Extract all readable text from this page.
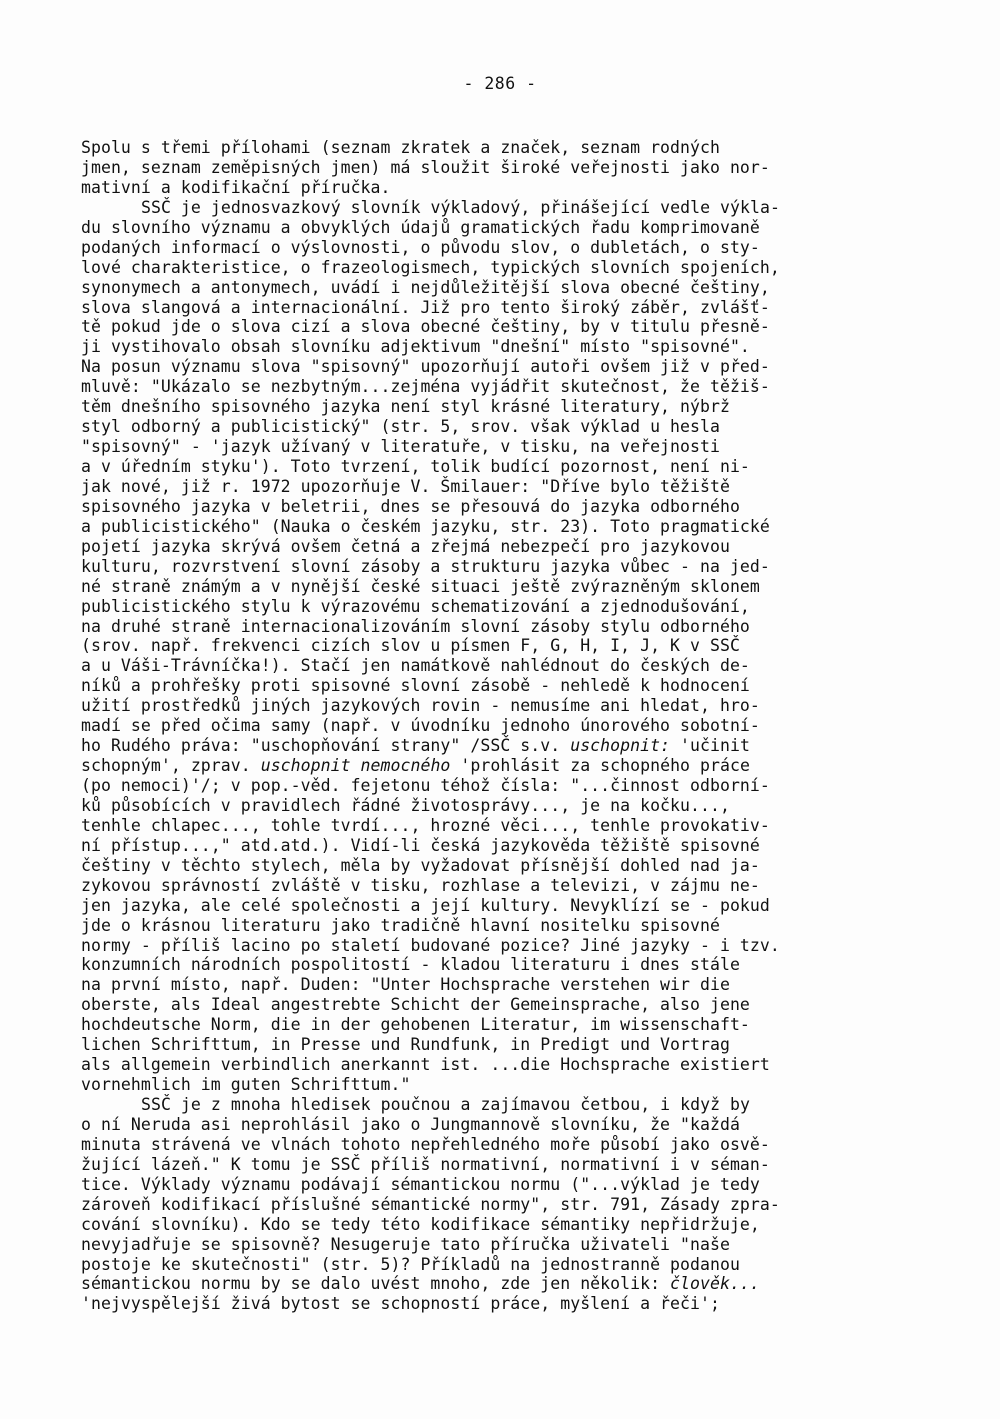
- 286 -
Spolu s třemi přílohami (seznam zkratek a značek, seznam rodných
jmen, seznam zeměpisných jmen) má sloužit široké veřejnosti jako nor-
mativní a kodifikační příručka.
SSČ je jednosvazkový slovník výkladový, přinášející vedle výkla-
du slovního významu a obvyklých údajů gramatických řadu komprimovaně
podaných informací o výslovnosti, o původu slov, o dubletách, o sty-
lové charakteristice, o frazeologismech, typických slovních spojeních,
synonymech a antonymech, uvádí i nejdůležitější slova obecné češtiny,
slova slangová a internacionální. Již pro tento široký záběr, zvlášť-
tě pokud jde o slova cizí a slova obecné češtiny, by v titulu přesně-
ji vystihovalo obsah slovníku adjektivum "dnešní" místo "spisovné".
Na posun významu slova "spisovný" upozorňují autoři ovšem již v před-
mluvě: "Ukázalo se nezbytným...zejména vyjádřit skutečnost, že těžiš-
těm dnešního spisovného jazyka není styl krásné literatury, nýbrž
styl odborný a publicistický" (str. 5, srov. však výklad u hesla
"spisovný" - 'jazyk užívaný v literatuře, v tisku, na veřejnosti
a v úředním styku'). Toto tvrzení, tolik budící pozornost, není ni-
jak nové, již r. 1972 upozorňuje V. Šmilauer: "Dříve bylo těžiště
spisovného jazyka v beletrii, dnes se přesouvá do jazyka odborného
a publicistického" (Nauka o českém jazyku, str. 23). Toto pragmatické
pojetí jazyka skrývá ovšem četná a zřejmá nebezpečí pro jazykovou
kulturu, rozvrstvení slovní zásoby a strukturu jazyka vůbec - na jed-
né straně známým a v nynější české situaci ještě zvýrazněným sklonem
publicistického stylu k výrazovému schematizování a zjednodušování,
na druhé straně internacionalizováním slovní zásoby stylu odborného
(srov. např. frekvenci cizích slov u písmen F, G, H, I, J, K v SSČ
a u Váši-Trávníčka!). Stačí jen namátkově nahlédnout do českých de-
níků a prohřešky proti spisovné slovní zásobě - nehledě k hodnocení
užití prostředků jiných jazykových rovin - nemusíme ani hledat, hro-
madí se před očima samy (např. v úvodníku jednoho únorového sobotní-
ho Rudého práva: "uschopňování strany" /SSČ s.v. uschopnit: 'učinit
schopným', zprav. uschopnit nemocného 'prohlásit za schopného práce
(po nemoci)'/; v pop.-věd. fejetonu téhož čísla: "...činnost odborní-
ků působících v pravidlech řádné životosprávy..., je na kočku...,
tenhle chlapec..., tohle tvrdí..., hrozné věci..., tenhle provokativ-
ní přístup...," atd.atd.). Vidí-li česká jazykověda těžiště spisovné
češtiny v těchto stylech, měla by vyžadovat přísnější dohled nad ja-
zykovou správností zvláště v tisku, rozhlase a televizi, v zájmu ne-
jen jazyka, ale celé společnosti a její kultury. Nevyklízí se - pokud
jde o krásnou literaturu jako tradičně hlavní nositelku spisovné
normy - příliš lacino po staletí budované pozice? Jiné jazyky - i tzv.
konzumních národních pospolitostí - kladou literaturu i dnes stále
na první místo, např. Duden: "Unter Hochsprache verstehen wir die
oberste, als Ideal angestrebte Schicht der Gemeinsprache, also jene
hochdeutsche Norm, die in der gehobenen Literatur, im wissenschaft-
lichen Schrifttum, in Presse und Rundfunk, in Predigt und Vortrag
als allgemein verbindlich anerkannt ist. ...die Hochsprache existiert
vornehmlich im guten Schrifttum."
SSČ je z mnoha hledisek poučnou a zajímavou četbou, i když by
o ní Neruda asi neprohlásil jako o Jungmannově slovníku, že "každá
minuta strávená ve vlnách tohoto nepřehledného moře působí jako osvě-
žující lázeň." K tomu je SSČ příliš normativní, normativní i v séman-
tice. Výklady významu podávají sémantickou normu ("...výklad je tedy
zároveň kodifikací příslušné sémantické normy", str. 791, Zásady zpra-
cování slovníku). Kdo se tedy této kodifikace sémantiky nepřidržuje,
nevyjadřuje se spisovně? Nesugeruje tato příručka uživateli "naše
postoje ke skutečnosti" (str. 5)? Příkladů na jednostranně podanou
sémantickou normu by se dalo uvést mnoho, zde jen několik: člověk...
'nejvyspělejší živá bytost se schopností práce, myšlení a řeči';
